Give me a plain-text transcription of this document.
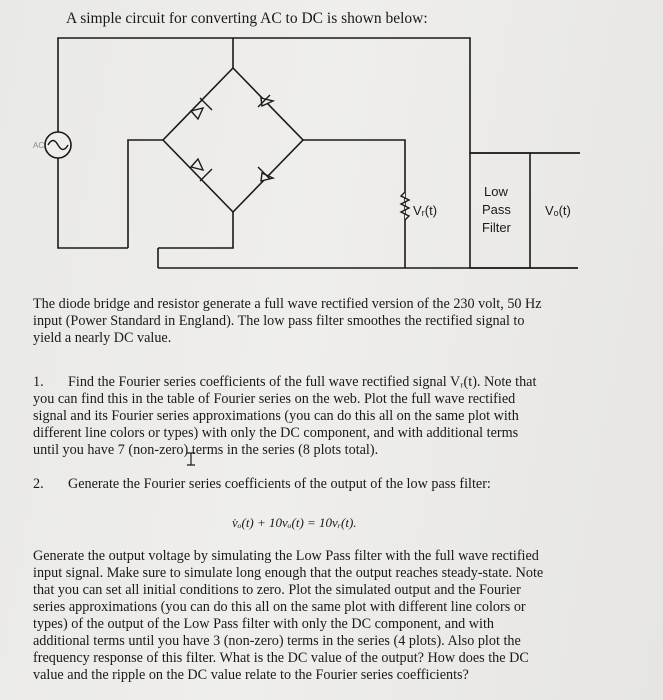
A simple circuit for converting AC to DC is shown below:
AC
Vᵣ(t)
Low
Pass
Filter
Vₒ(t)
The diode bridge and resistor generate a full wave rectified version of the 230 volt, 50 Hz
input (Power Standard in England). The low pass filter smoothes the rectified signal to
yield a nearly DC value.
1. Find the Fourier series coefficients of the full wave rectified signal Vᵣ(t). Note that
you can find this in the table of Fourier series on the web. Plot the full wave rectified
signal and its Fourier series approximations (you can do this all on the same plot with
different line colors or types) with only the DC component, and with additional terms
until you have 7 (non-zero) terms in the series (8 plots total).
2. Generate the Fourier series coefficients of the output of the low pass filter:
v̇ₒ(t) + 10vₒ(t) = 10vᵣ(t).
Generate the output voltage by simulating the Low Pass filter with the full wave rectified
input signal. Make sure to simulate long enough that the output reaches steady-state. Note
that you can set all initial conditions to zero. Plot the simulated output and the Fourier
series approximations (you can do this all on the same plot with different line colors or
types) of the output of the Low Pass filter with only the DC component, and with
additional terms until you have 3 (non-zero) terms in the series (4 plots). Also plot the
frequency response of this filter. What is the DC value of the output? How does the DC
value and the ripple on the DC value relate to the Fourier series coefficients?
